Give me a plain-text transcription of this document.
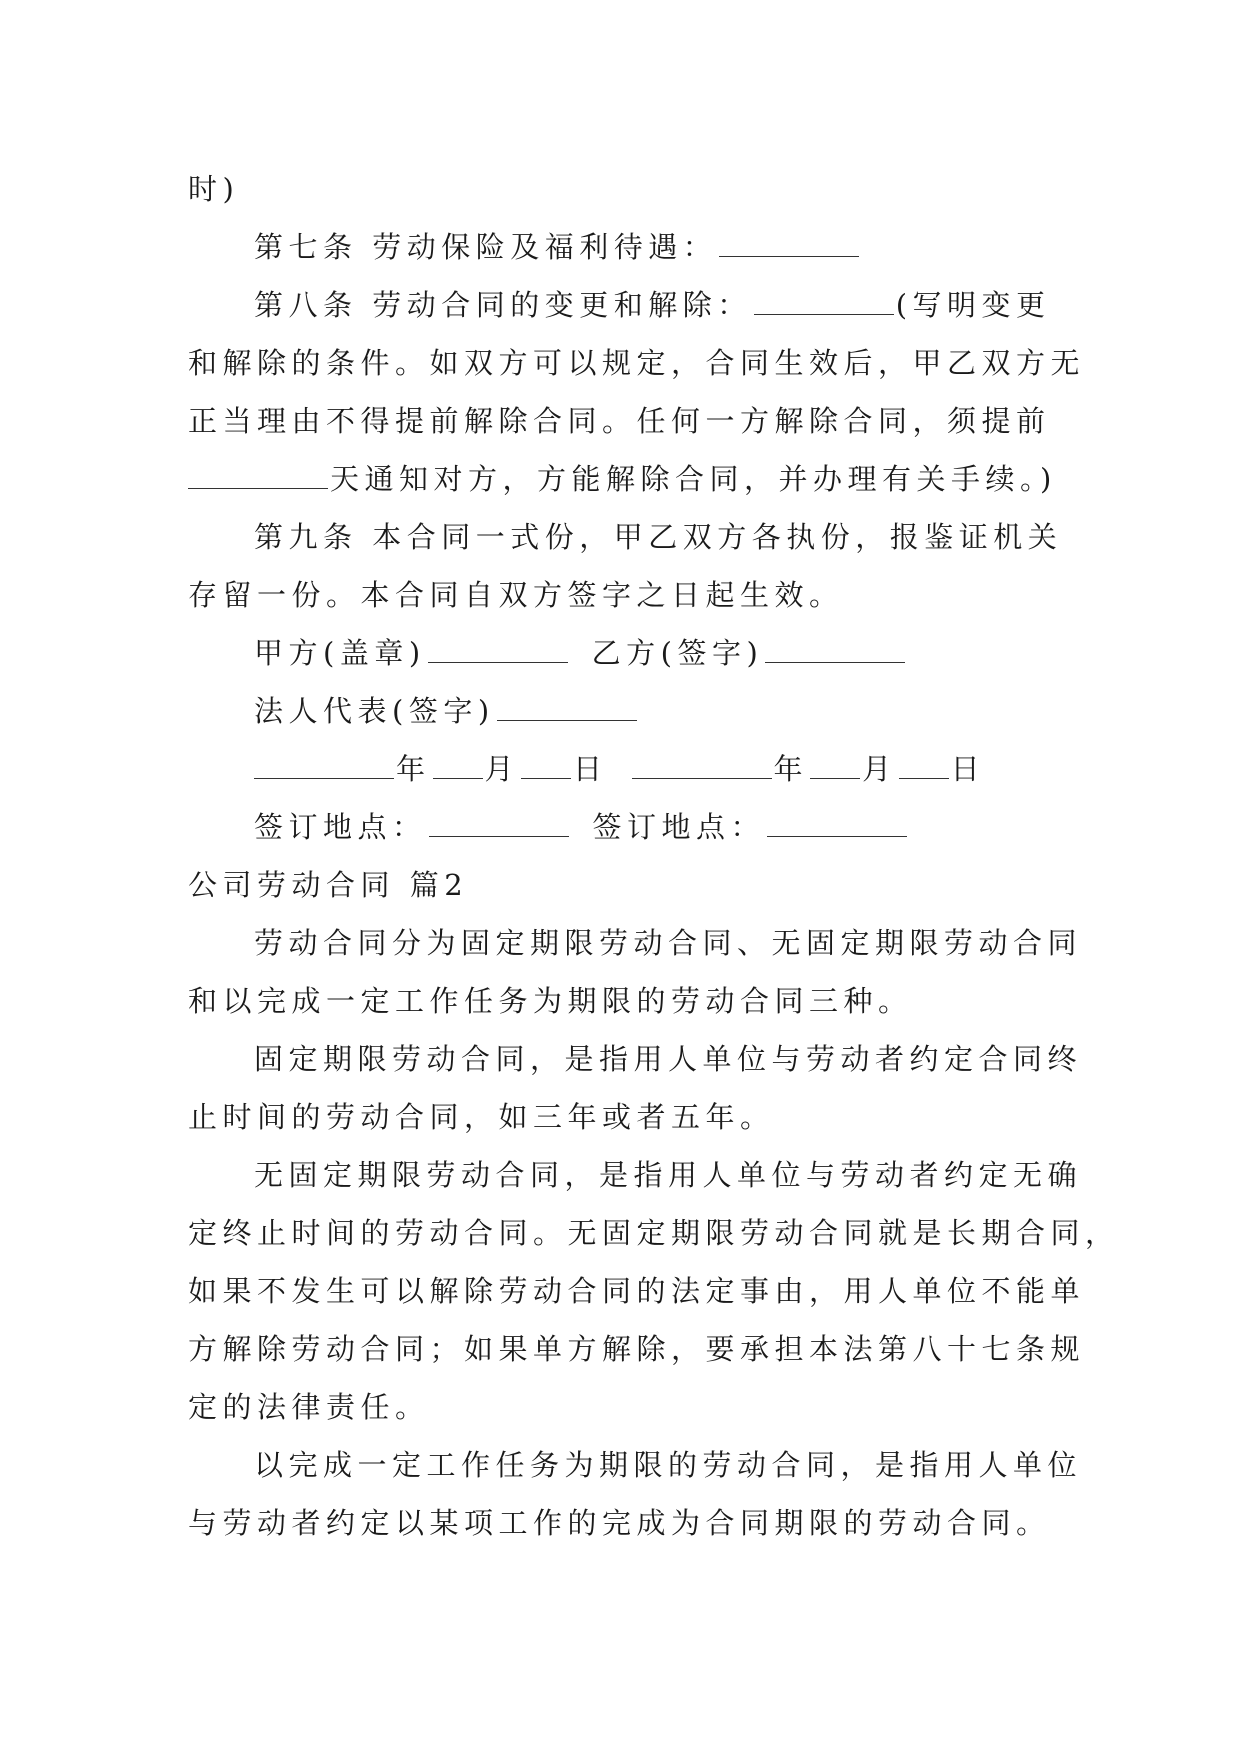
时)
第七条 劳动保险及福利待遇：
第八条 劳动合同的变更和解除：	(写明变更
和解除的条件。如双方可以规定，合同生效后，甲乙双方无
正当理由不得提前解除合同。任何一方解除合同，须提前
天通知对方，方能解除合同，并办理有关手续。)
第九条 本合同一式份，甲乙双方各执份，报鉴证机关
存留一份。本合同自双方签字之日起生效。
甲方(盖章)	乙方(签字)
法人代表(签字)
年 月 日	年 月 日
签订地点：	签订地点：
公司劳动合同 篇2
劳动合同分为固定期限劳动合同、无固定期限劳动合同
和以完成一定工作任务为期限的劳动合同三种。
固定期限劳动合同，是指用人单位与劳动者约定合同终
止时间的劳动合同，如三年或者五年。
无固定期限劳动合同，是指用人单位与劳动者约定无确
定终止时间的劳动合同。无固定期限劳动合同就是长期合同，
如果不发生可以解除劳动合同的法定事由，用人单位不能单
方解除劳动合同；如果单方解除，要承担本法第八十七条规
定的法律责任。
以完成一定工作任务为期限的劳动合同，是指用人单位
与劳动者约定以某项工作的完成为合同期限的劳动合同。
